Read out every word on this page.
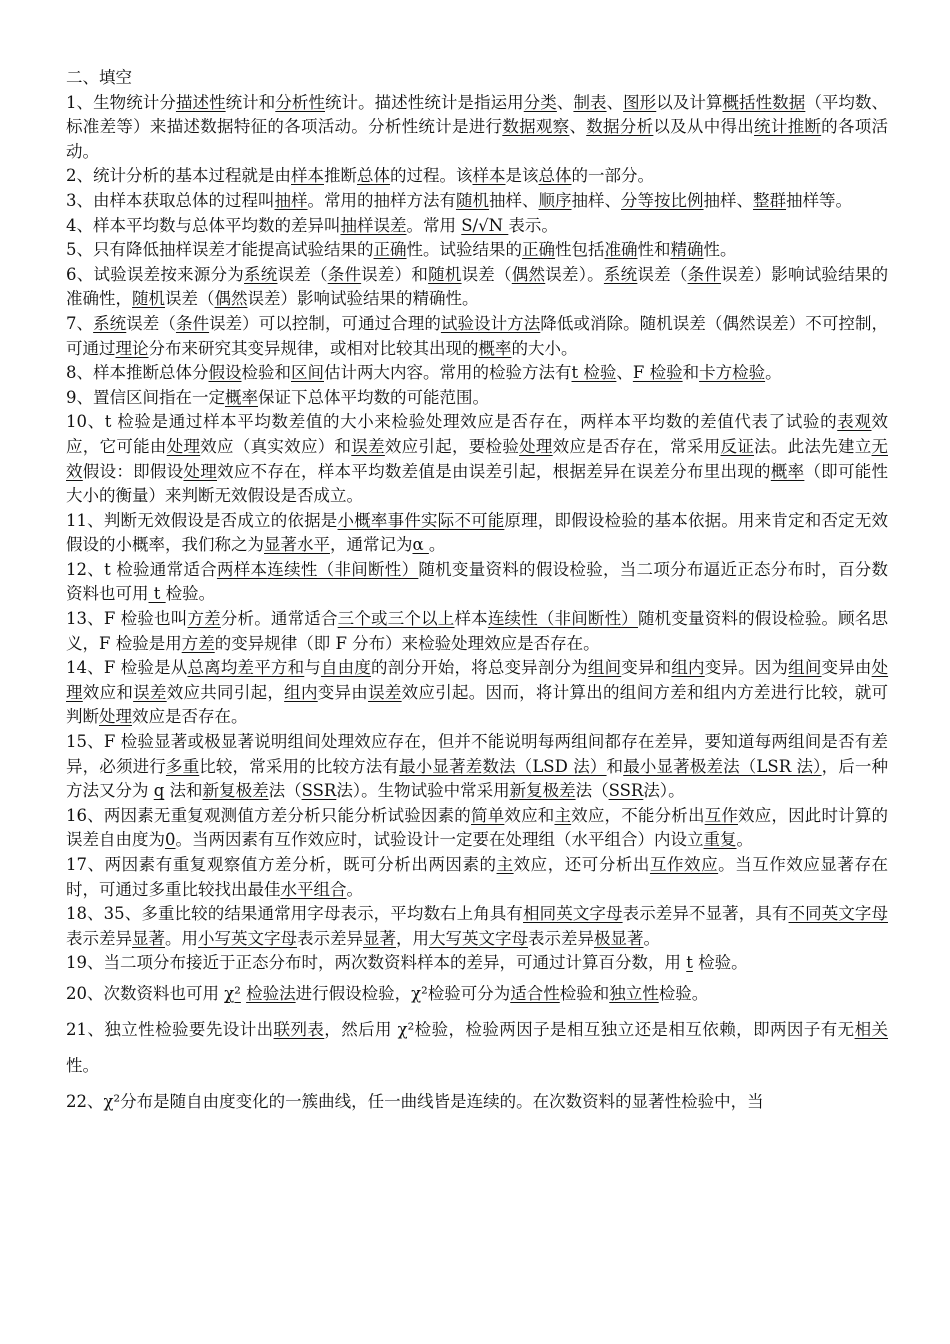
二、填空

1、生物统计分描述性统计和分析性统计。描述性统计是指运用分类、制表、图形以及计算概括性数据（平均数、标准差等）来描述数据特征的各项活动。分析性统计是进行数据观察、数据分析以及从中得出统计推断的各项活动。

2、统计分析的基本过程就是由样本推断总体的过程。该样本是该总体的一部分。

3、由样本获取总体的过程叫抽样。常用的抽样方法有随机抽样、顺序抽样、分等按比例抽样、整群抽样等。

4、样本平均数与总体平均数的差异叫抽样误差。常用 S/√N 表示。

5、只有降低抽样误差才能提高试验结果的正确性。试验结果的正确性包括准确性和精确性。

6、试验误差按来源分为系统误差（条件误差）和随机误差（偶然误差）。系统误差（条件误差）影响试验结果的准确性，随机误差（偶然误差）影响试验结果的精确性。

7、系统误差（条件误差）可以控制，可通过合理的试验设计方法降低或消除。随机误差（偶然误差）不可控制，可通过理论分布来研究其变异规律，或相对比较其出现的概率的大小。

8、样本推断总体分假设检验和区间估计两大内容。常用的检验方法有t 检验、F 检验和卡方检验。

9、置信区间指在一定概率保证下总体平均数的可能范围。

10、t 检验是通过样本平均数差值的大小来检验处理效应是否存在，两样本平均数的差值代表了试验的表观效应，它可能由处理效应（真实效应）和误差效应引起，要检验处理效应是否存在，常采用反证法。此法先建立无效假设：即假设处理效应不存在，样本平均数差值是由误差引起，根据差异在误差分布里出现的概率（即可能性大小的衡量）来判断无效假设是否成立。

11、判断无效假设是否成立的依据是小概率事件实际不可能原理，即假设检验的基本依据。用来肯定和否定无效假设的小概率，我们称之为显著水平，通常记为α 。

12、t 检验通常适合两样本连续性（非间断性）随机变量资料的假设检验，当二项分布逼近正态分布时，百分数资料也可用 t 检验。

13、F 检验也叫方差分析。通常适合三个或三个以上样本连续性（非间断性）随机变量资料的假设检验。顾名思义，F 检验是用方差的变异规律（即 F 分布）来检验处理效应是否存在。

14、F 检验是从总离均差平方和与自由度的剖分开始，将总变异剖分为组间变异和组内变异。因为组间变异由处理效应和误差效应共同引起，组内变异由误差效应引起。因而，将计算出的组间方差和组内方差进行比较，就可判断处理效应是否存在。

15、F 检验显著或极显著说明组间处理效应存在，但并不能说明每两组间都存在差异，要知道每两组间是否有差异，必须进行多重比较，常采用的比较方法有最小显著差数法（LSD 法）和最小显著极差法（LSR 法），后一种方法又分为 q 法和新复极差法（SSR法）。生物试验中常采用新复极差法（SSR法）。

16、两因素无重复观测值方差分析只能分析试验因素的简单效应和主效应，不能分析出互作效应，因此时计算的误差自由度为0。当两因素有互作效应时，试验设计一定要在处理组（水平组合）内设立重复。

17、两因素有重复观察值方差分析，既可分析出两因素的主效应，还可分析出互作效应。当互作效应显著存在时，可通过多重比较找出最佳水平组合。

18、35、多重比较的结果通常用字母表示，平均数右上角具有相同英文字母表示差异不显著，具有不同英文字母表示差异显著。用小写英文字母表示差异显著，用大写英文字母表示差异极显著。

19、当二项分布接近于正态分布时，两次数资料样本的差异，可通过计算百分数，用 t 检验。

20、次数资料也可用 χ² 检验法进行假设检验，χ²检验可分为适合性检验和独立性检验。

21、独立性检验要先设计出联列表，然后用 χ²检验，检验两因子是相互独立还是相互依赖，即两因子有无相关性。

22、χ²分布是随自由度变化的一簇曲线，任一曲线皆是连续的。在次数资料的显著性检验中，当
